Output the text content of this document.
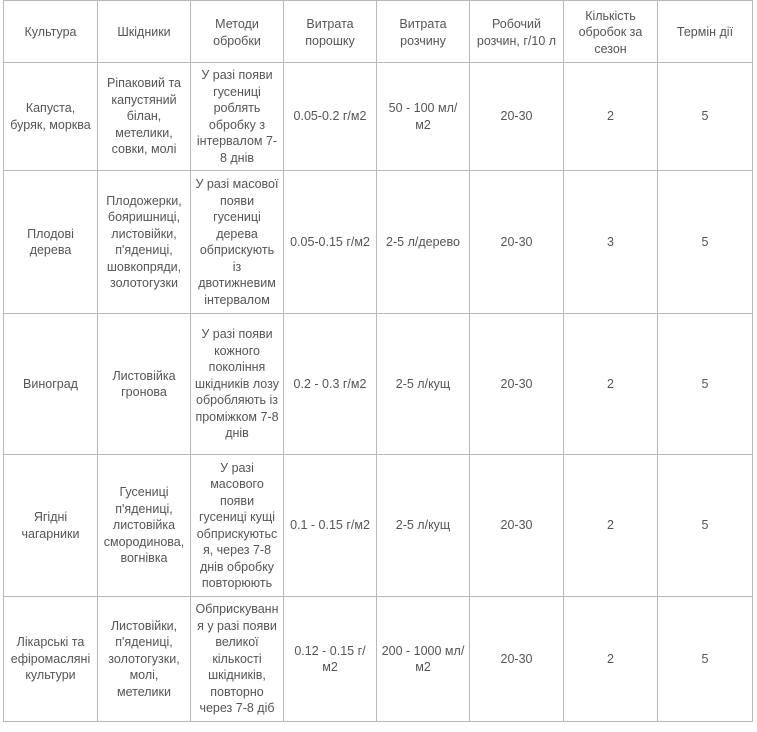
Культура	Шкідники	Методи обробки	Витрата порошку	Витрата розчину	Робочий розчин, г/10 л	Кількість обробок за сезон	Термін дії
Капуста, буряк, морква	Ріпаковий та капустяний білан, метелики, совки, молі	У разі появи гусениці роблять обробку з інтервалом 7-8 днів	0.05-0.2 г/м2	50 - 100 мл/м2	20-30	2	5
Плодові дерева	Плодожерки, бояришниці, листовійки, п'ядениці, шовкопряди, золотогузки	У разі масової появи гусениці дерева обприскують із двотижневим інтервалом	0.05-0.15 г/м2	2-5 л/дерево	20-30	3	5
Виноград	Листовійка гронова	У разі появи кожного покоління шкідників лозу обробляють із проміжком 7-8 днів	0.2 - 0.3 г/м2	2-5 л/кущ	20-30	2	5
Ягідні чагарники	Гусениці п'ядениці, листовійка смородинова, вогнівка	У разі масового появи гусениці кущі обприскуються, через 7-8 днів обробку повторюють	0.1 - 0.15 г/м2	2-5 л/кущ	20-30	2	5
Лікарські та ефіромасляні культури	Листовійки, п'ядениці, золотогузки, молі, метелики	Обприскування у разі появи великої кількості шкідників, повторно через 7-8 діб	0.12 - 0.15 г/м2	200 - 1000 мл/м2	20-30	2	5
